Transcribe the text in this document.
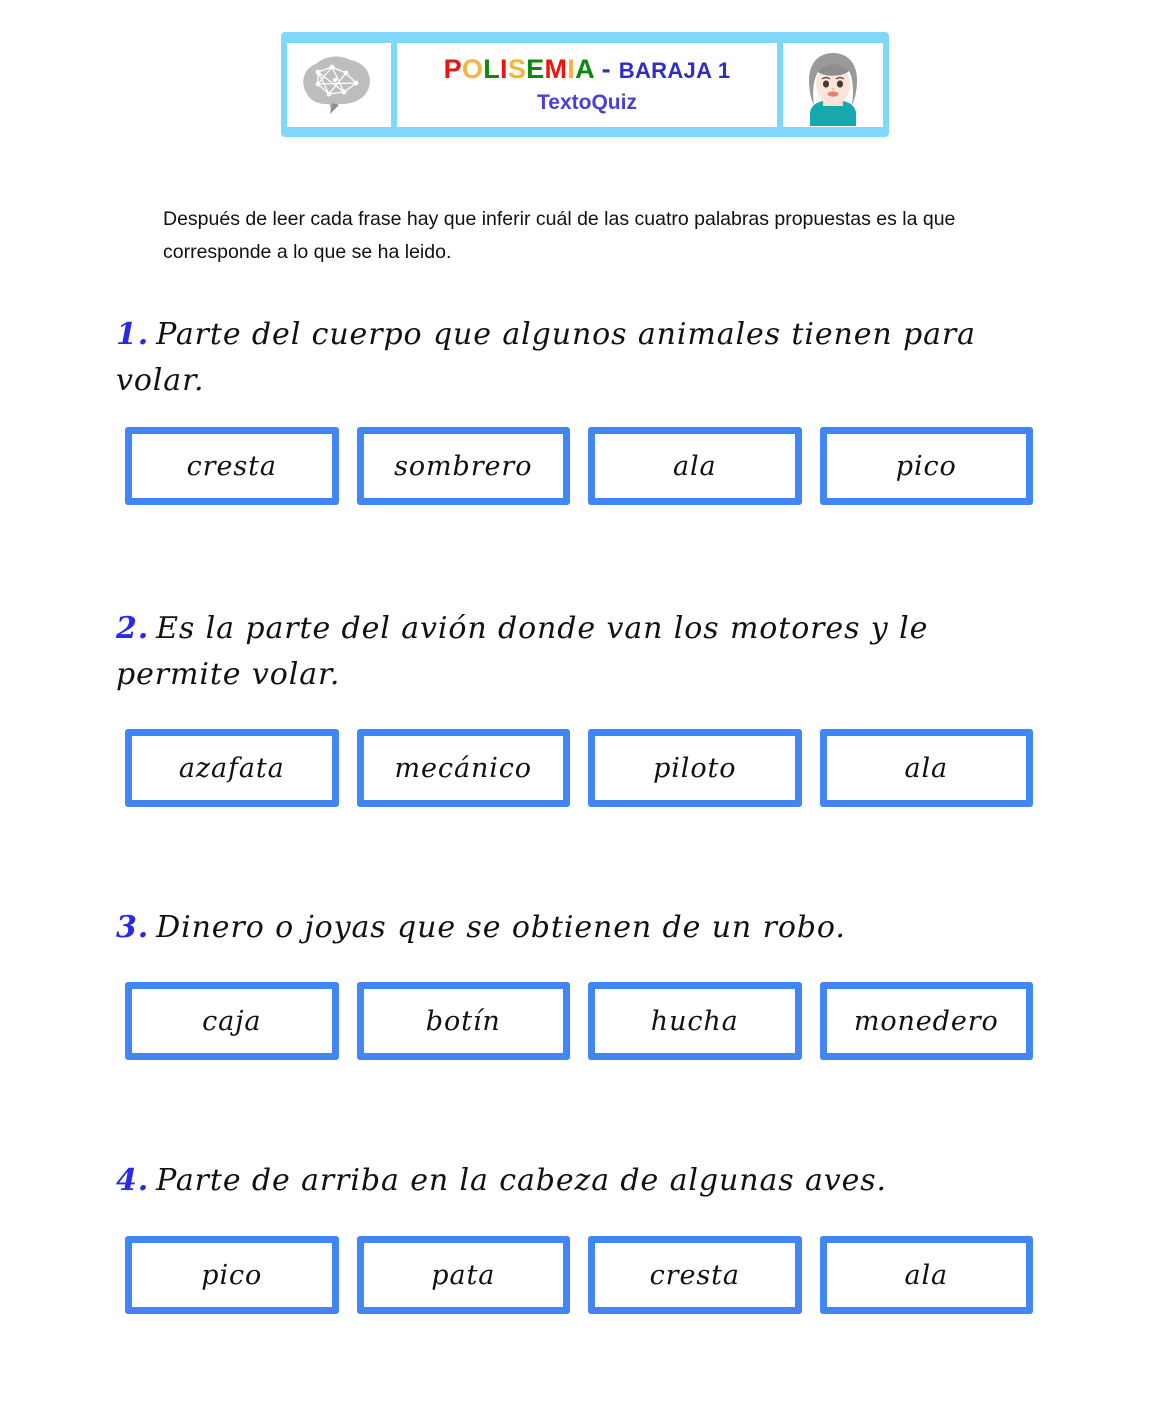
POLISEMIA - BARAJA 1
TextoQuiz
Después de leer cada frase hay que inferir cuál de las cuatro palabras propuestas es la que corresponde a lo que se ha leido.
1. Parte del cuerpo que algunos animales tienen para volar.
cresta	sombrero	ala	pico
2. Es la parte del avión donde van los motores y le permite volar.
azafata	mecánico	piloto	ala
3. Dinero o joyas que se obtienen de un robo.
caja	botín	hucha	monedero
4. Parte de arriba en la cabeza de algunas aves.
pico	pata	cresta	ala
